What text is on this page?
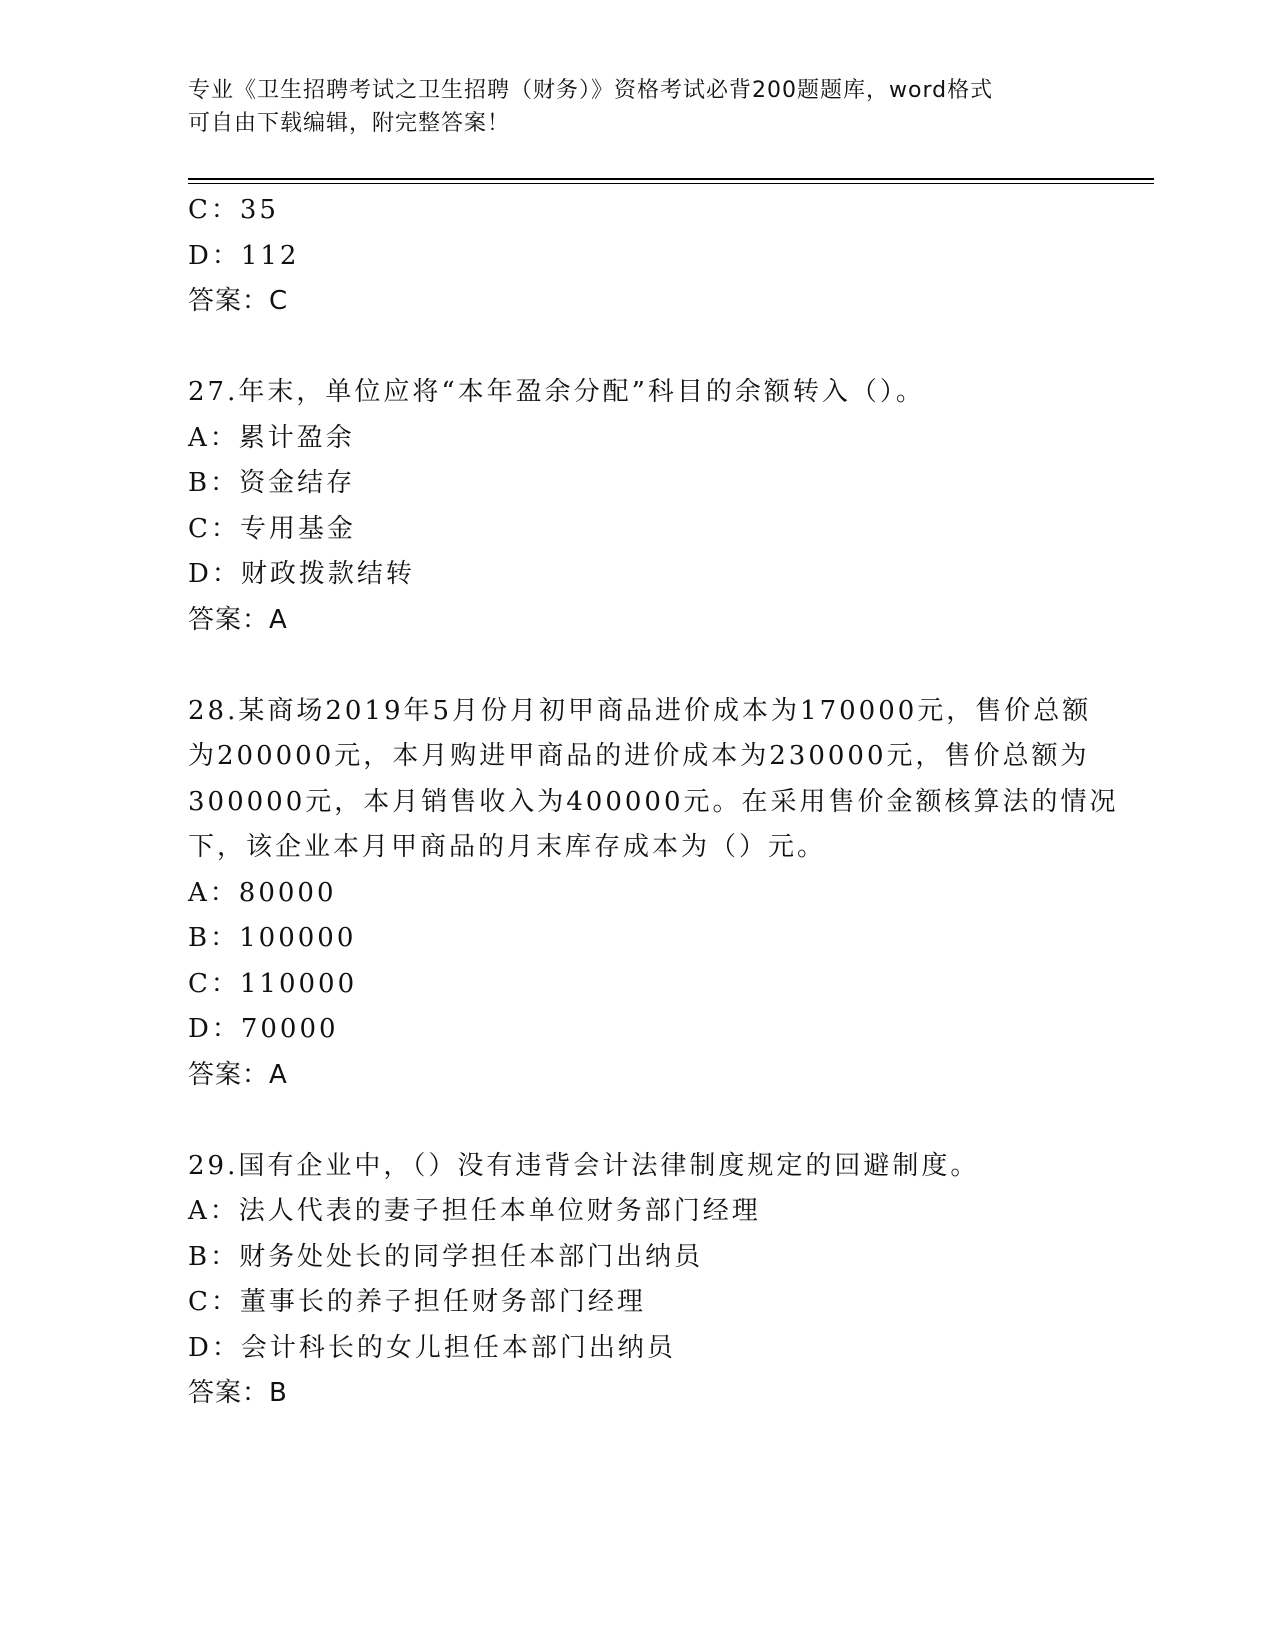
专业《卫生招聘考试之卫生招聘（财务）》资格考试必背200题题库，word格式
可自由下载编辑，附完整答案！
C：35
D：112
答案：C
27.年末，单位应将“本年盈余分配”科目的余额转入（）。
A：累计盈余
B：资金结存
C：专用基金
D：财政拨款结转
答案：A
28.某商场2019年5月份月初甲商品进价成本为170000元，售价总额
为200000元，本月购进甲商品的进价成本为230000元，售价总额为
300000元，本月销售收入为400000元。在采用售价金额核算法的情况
下，该企业本月甲商品的月末库存成本为（）元。
A：80000
B：100000
C：110000
D：70000
答案：A
29.国有企业中，（）没有违背会计法律制度规定的回避制度。
A：法人代表的妻子担任本单位财务部门经理
B：财务处处长的同学担任本部门出纳员
C：董事长的养子担任财务部门经理
D：会计科长的女儿担任本部门出纳员
答案：B
